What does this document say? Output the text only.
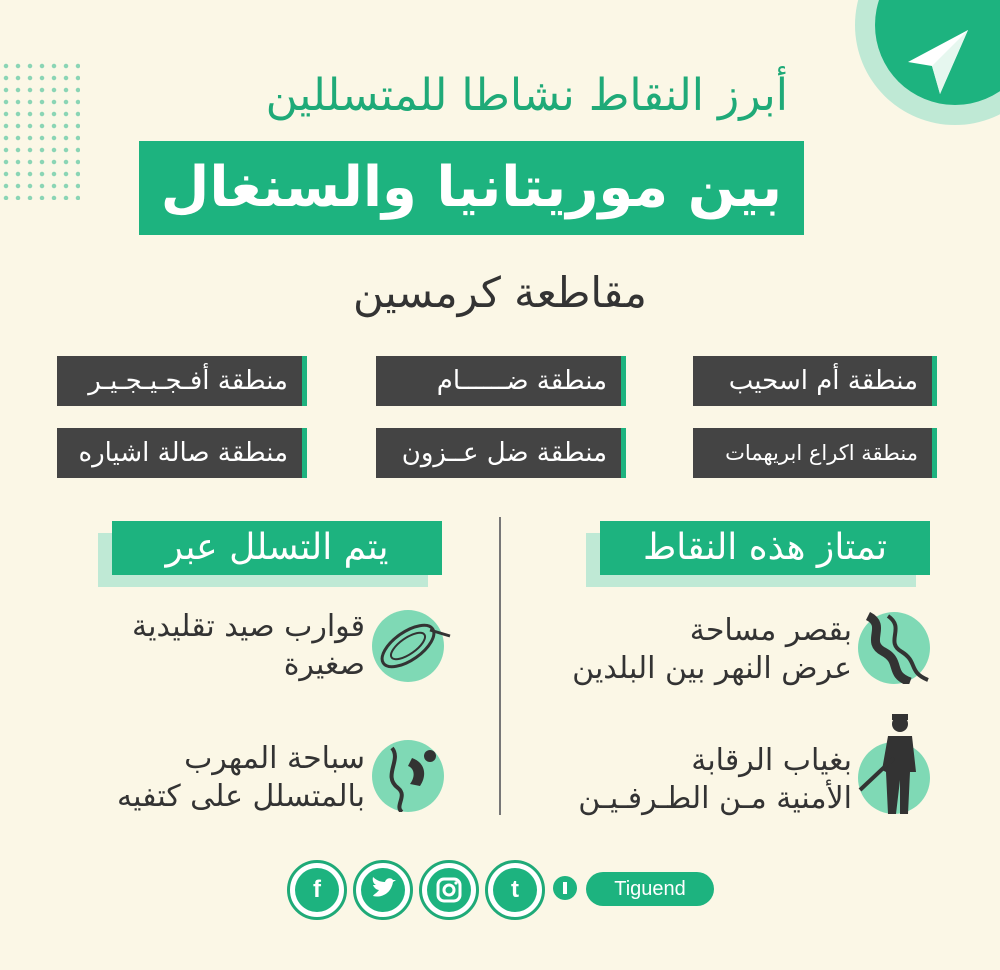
أبرز النقاط نشاطا للمتسللين
بين موريتانيا والسنغال
مقاطعة كرمسين
منطقة أم اسحيب
منطقة ضــــــام
منطقة أفـجـيـجـيـر
منطقة اكراع ابريهمات
منطقة ضل عــزون
منطقة صالة اشياره
تمتاز هذه النقاط
يتم التسلل عبر
بقصر مساحة
عرض النهر بين البلدين
بغياب الرقابة
الأمنية مـن الطـرفـيـن
قوارب صيد تقليدية
صغيرة
سباحة المهرب
بالمتسلل على كتفيه
f	t	Tiguend
